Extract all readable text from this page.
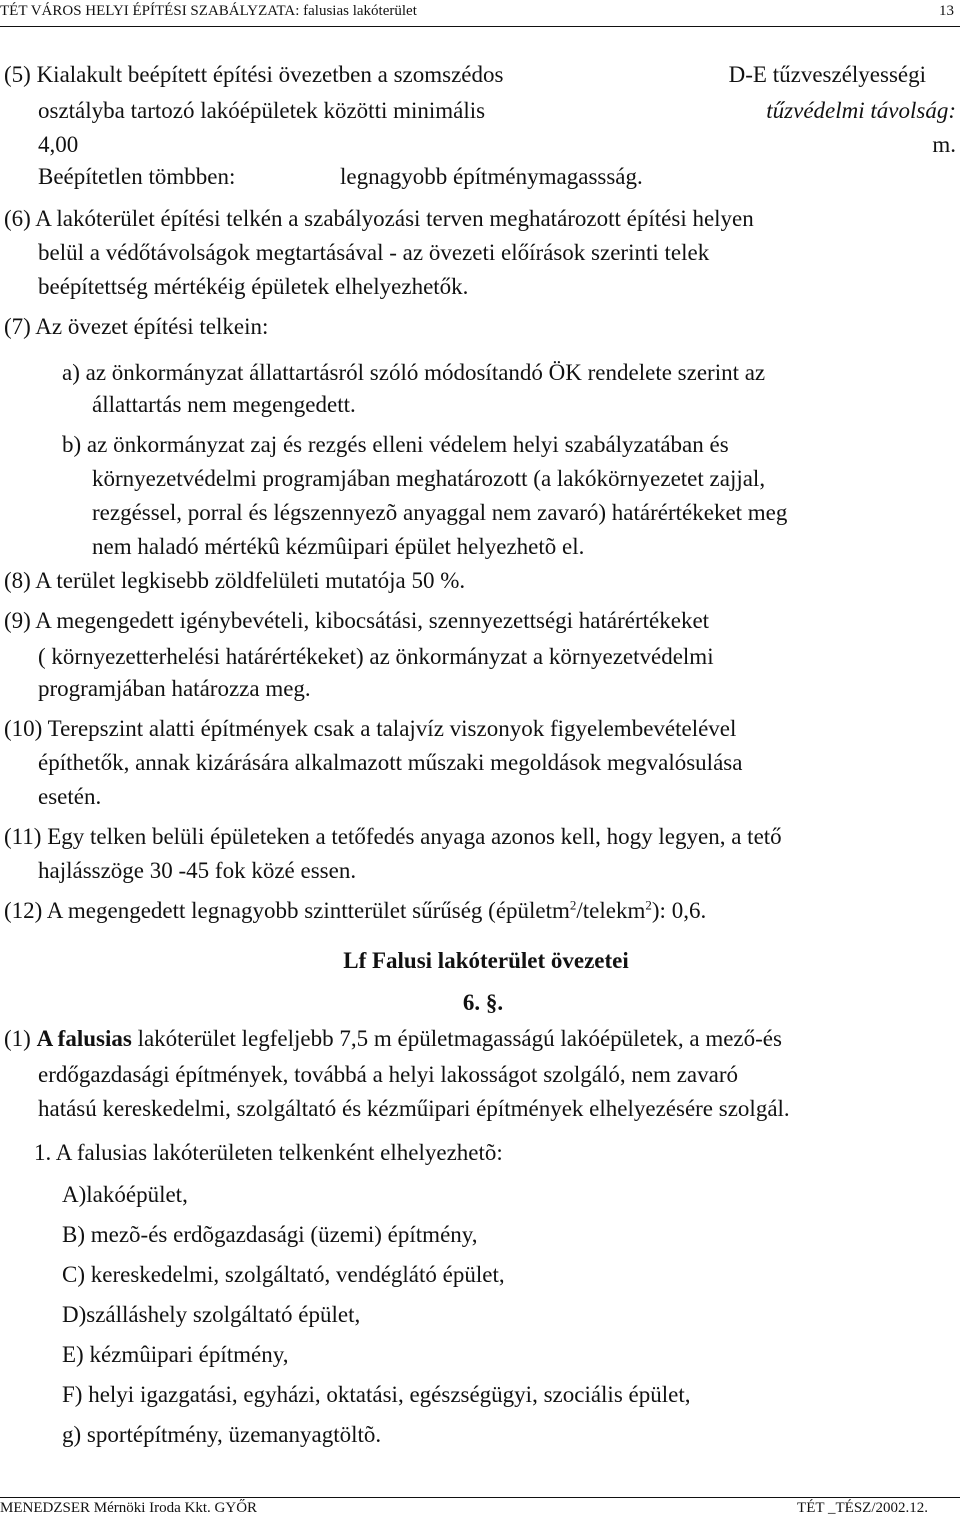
TÉT VÁROS HELYI ÉPÍTÉSI SZABÁLYZATA: falusias lakóterület	13
(5) Kialakult beépített építési övezetben a szomszédos	D-E tűzveszélyességi
osztályba tartozó lakóépületek közötti minimális	tűzvédelmi távolság:
4,00	m.
Beépítetlen tömbben:	legnagyobb építménymagassság.
(6) A lakóterület építési telkén a szabályozási terven meghatározott építési helyen
belül a védőtávolságok megtartásával - az övezeti előírások szerinti telek
beépítettség mértékéig épületek elhelyezhetők.
(7) Az övezet építési telkein:
a) az önkormányzat állattartásról szóló módosítandó ÖK rendelete szerint az
állattartás nem megengedett.
b) az önkormányzat zaj és rezgés elleni védelem helyi szabályzatában és
környezetvédelmi programjában meghatározott (a lakókörnyezetet zajjal,
rezgéssel, porral és légszennyezõ anyaggal nem zavaró) határértékeket meg
nem haladó mértékû kézmûipari épület helyezhetõ el.
(8) A terület legkisebb zöldfelületi mutatója 50 %.
(9) A megengedett igénybevételi, kibocsátási, szennyezettségi határértékeket
( környezetterhelési határértékeket) az önkormányzat a környezetvédelmi
programjában határozza meg.
(10) Terepszint alatti építmények csak a talajvíz viszonyok figyelembevételével
építhetők, annak kizárására alkalmazott műszaki megoldások megvalósulása
esetén.
(11) Egy telken belüli épületeken a tetőfedés anyaga azonos kell, hogy legyen, a tető
hajlásszöge 30 -45 fok közé essen.
(12) A megengedett legnagyobb szintterület sűrűség (épületm$^2$/telekm$^2$): 0,6.
Lf Falusi lakóterület övezetei
6. §.
(1) A falusias lakóterület legfeljebb 7,5 m épületmagasságú lakóépületek, a mező-és
erdőgazdasági építmények, továbbá a helyi lakosságot szolgáló, nem zavaró
hatású kereskedelmi, szolgáltató és kézműipari építmények elhelyezésére szolgál.
1. A falusias lakóterületen telkenként elhelyezhetõ:
A)lakóépület,
B) mezõ-és erdõgazdasági (üzemi) építmény,
C) kereskedelmi, szolgáltató, vendéglátó épület,
D)szálláshely szolgáltató épület,
E) kézmûipari építmény,
F) helyi igazgatási, egyházi, oktatási, egészségügyi, szociális épület,
g) sportépítmény, üzemanyagtöltõ.
MENEDZSER Mérnöki Iroda Kkt. GYŐR	TÉT _TÉSZ/2002.12.
